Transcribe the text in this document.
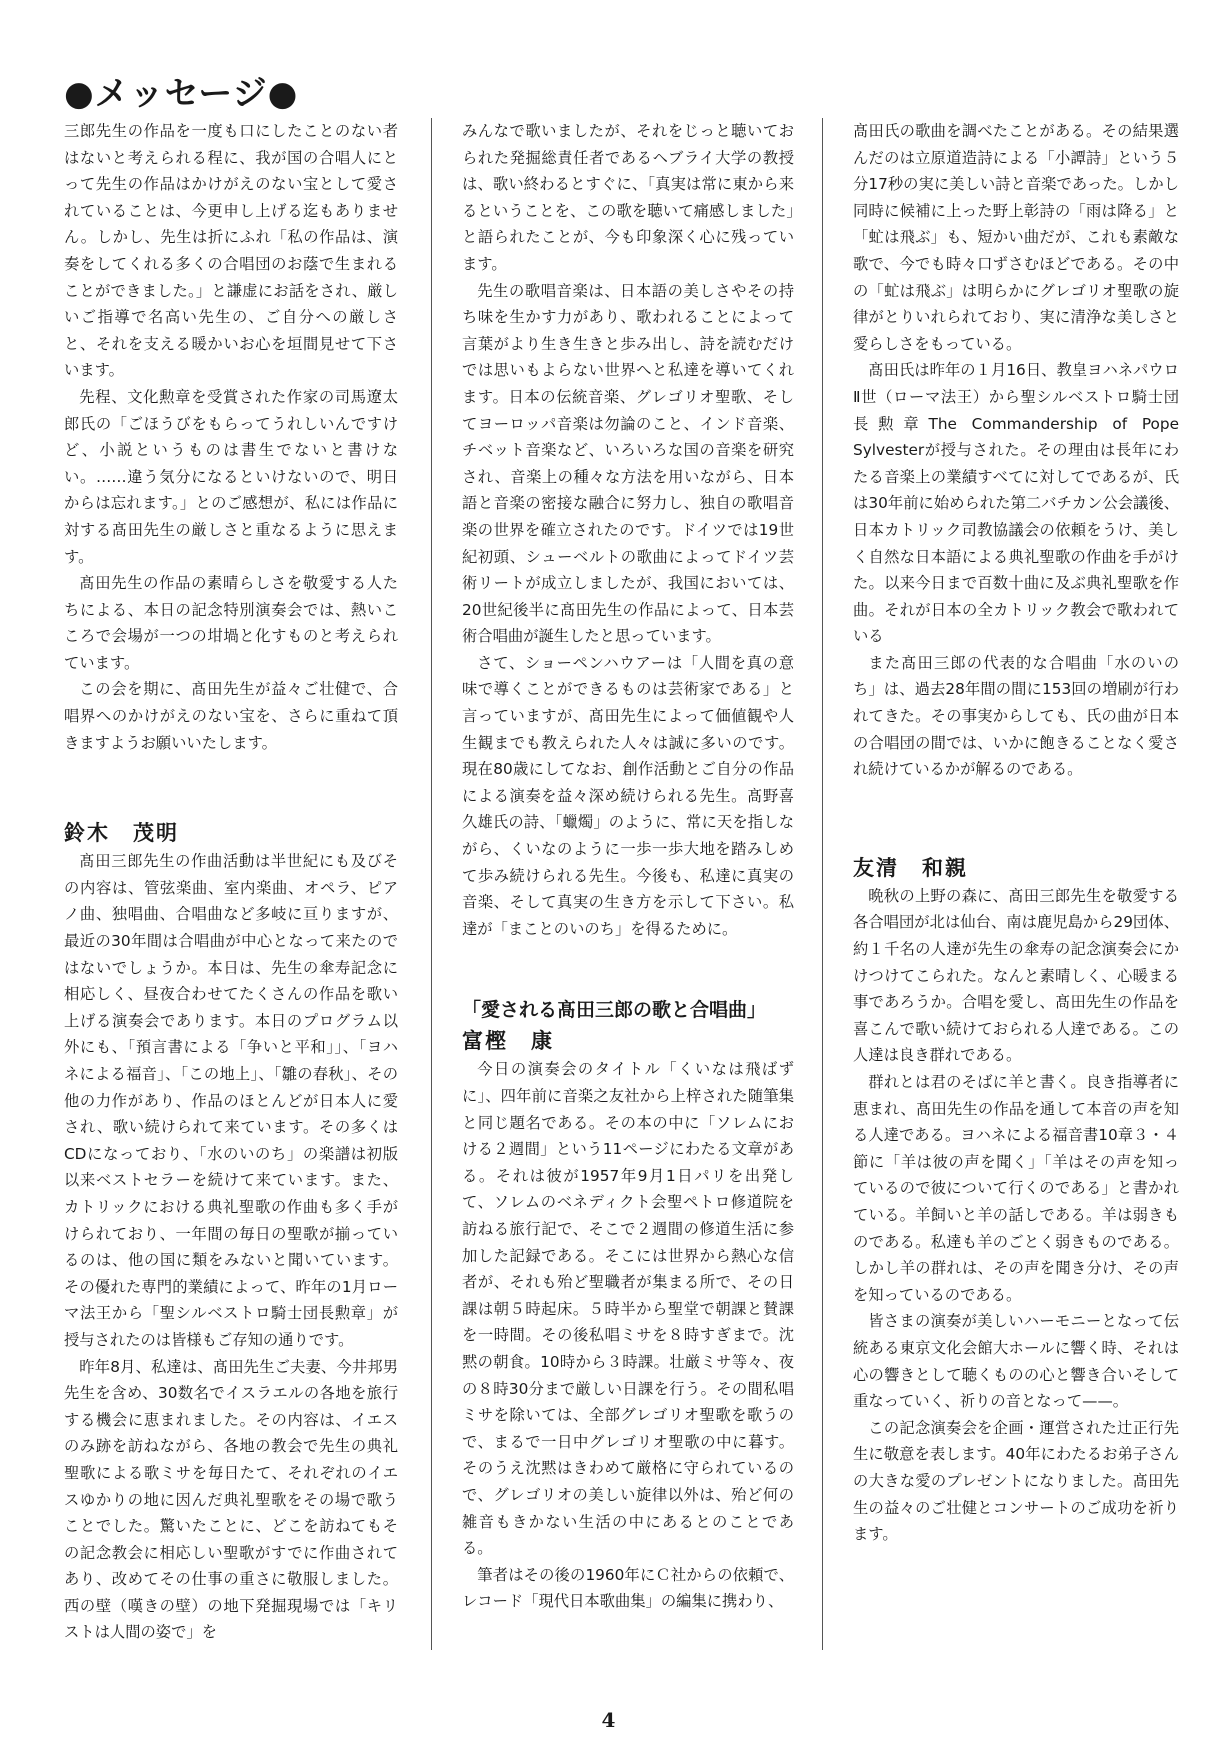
●メッセージ●

三郎先生の作品を一度も口にしたことのない者はないと考えられる程に、我が国の合唱人にとって先生の作品はかけがえのない宝として愛されていることは、今更申し上げる迄もありません。しかし、先生は折にふれ「私の作品は、演奏をしてくれる多くの合唱団のお蔭で生まれることができました。」と謙虚にお話をされ、厳しいご指導で名高い先生の、ご自分への厳しさと、それを支える暖かいお心を垣間見せて下さいます。

先程、文化勲章を受賞された作家の司馬遼太郎氏の「ごほうびをもらってうれしいんですけど、小説というものは書生でないと書けない。……違う気分になるといけないので、明日からは忘れます。」とのご感想が、私には作品に対する髙田先生の厳しさと重なるように思えます。

髙田先生の作品の素晴らしさを敬愛する人たちによる、本日の記念特別演奏会では、熱いこころで会場が一つの坩堝と化すものと考えられています。

この会を期に、髙田先生が益々ご壮健で、合唱界へのかけがえのない宝を、さらに重ねて頂きますようお願いいたします。

鈴木　茂明

髙田三郎先生の作曲活動は半世紀にも及びその内容は、管弦楽曲、室内楽曲、オペラ、ピアノ曲、独唱曲、合唱曲など多岐に亘りますが、最近の30年間は合唱曲が中心となって来たのではないでしょうか。本日は、先生の傘寿記念に相応しく、昼夜合わせてたくさんの作品を歌い上げる演奏会であります。本日のプログラム以外にも、「預言書による「争いと平和」」、「ヨハネによる福音」、「この地上」、「雛の春秋」、その他の力作があり、作品のほとんどが日本人に愛され、歌い続けられて来ています。その多くはCDになっており、「水のいのち」の楽譜は初版以来ベストセラーを続けて来ています。また、カトリックにおける典礼聖歌の作曲も多く手がけられており、一年間の毎日の聖歌が揃っているのは、他の国に類をみないと聞いています。その優れた専門的業績によって、昨年の1月ローマ法王から「聖シルベストロ騎士団長勲章」が授与されたのは皆様もご存知の通りです。

昨年8月、私達は、髙田先生ご夫妻、今井邦男先生を含め、30数名でイスラエルの各地を旅行する機会に恵まれました。その内容は、イエスのみ跡を訪ねながら、各地の教会で先生の典礼聖歌による歌ミサを毎日たて、それぞれのイエスゆかりの地に因んだ典礼聖歌をその場で歌うことでした。驚いたことに、どこを訪ねてもその記念教会に相応しい聖歌がすでに作曲されてあり、改めてその仕事の重さに敬服しました。西の壁（嘆きの壁）の地下発掘現場では「キリストは人間の姿で」を

みんなで歌いましたが、それをじっと聴いておられた発掘総責任者であるヘブライ大学の教授は、歌い終わるとすぐに、「真実は常に東から来るということを、この歌を聴いて痛感しました」と語られたことが、今も印象深く心に残っています。

先生の歌唱音楽は、日本語の美しさやその持ち味を生かす力があり、歌われることによって言葉がより生き生きと歩み出し、詩を読むだけでは思いもよらない世界へと私達を導いてくれます。日本の伝統音楽、グレゴリオ聖歌、そしてヨーロッパ音楽は勿論のこと、インド音楽、チベット音楽など、いろいろな国の音楽を研究され、音楽上の種々な方法を用いながら、日本語と音楽の密接な融合に努力し、独自の歌唱音楽の世界を確立されたのです。ドイツでは19世紀初頭、シューベルトの歌曲によってドイツ芸術リートが成立しましたが、我国においては、20世紀後半に髙田先生の作品によって、日本芸術合唱曲が誕生したと思っています。

さて、ショーペンハウアーは「人間を真の意味で導くことができるものは芸術家である」と言っていますが、髙田先生によって価値観や人生観までも教えられた人々は誠に多いのです。現在80歳にしてなお、創作活動とご自分の作品による演奏を益々深め続けられる先生。髙野喜久雄氏の詩、「蠟燭」のように、常に天を指しながら、くいなのように一歩一歩大地を踏みしめて歩み続けられる先生。今後も、私達に真実の音楽、そして真実の生き方を示して下さい。私達が「まことのいのち」を得るために。

「愛される髙田三郎の歌と合唱曲」
富樫　康

今日の演奏会のタイトル「くいなは飛ばずに」、四年前に音楽之友社から上梓された随筆集と同じ題名である。その本の中に「ソレムにおける２週間」という11ページにわたる文章がある。それは彼が1957年9月1日パリを出発して、ソレムのベネディクト会聖ペトロ修道院を訪ねる旅行記で、そこで２週間の修道生活に参加した記録である。そこには世界から熱心な信者が、それも殆ど聖職者が集まる所で、その日課は朝５時起床。５時半から聖堂で朝課と賛課を一時間。その後私唱ミサを８時すぎまで。沈黙の朝食。10時から３時課。壮厳ミサ等々、夜の８時30分まで厳しい日課を行う。その間私唱ミサを除いては、全部グレゴリオ聖歌を歌うので、まるで一日中グレゴリオ聖歌の中に暮す。そのうえ沈黙はきわめて厳格に守られているので、グレゴリオの美しい旋律以外は、殆ど何の雑音もきかない生活の中にあるとのことである。

筆者はその後の1960年にＣ社からの依頼で、レコード「現代日本歌曲集」の編集に携わり、

髙田氏の歌曲を調べたことがある。その結果選んだのは立原道造詩による「小譚詩」という５分17秒の実に美しい詩と音楽であった。しかし同時に候補に上った野上彰詩の「雨は降る」と「虻は飛ぶ」も、短かい曲だが、これも素敵な歌で、今でも時々口ずさむほどである。その中の「虻は飛ぶ」は明らかにグレゴリオ聖歌の旋律がとりいれられており、実に清浄な美しさと愛らしさをもっている。

髙田氏は昨年の１月16日、教皇ヨハネパウロⅡ世（ローマ法王）から聖シルベストロ騎士団長勲章The Commandership of Pope Sylvesterが授与された。その理由は長年にわたる音楽上の業績すべてに対してであるが、氏は30年前に始められた第二バチカン公会議後、日本カトリック司教協議会の依頼をうけ、美しく自然な日本語による典礼聖歌の作曲を手がけた。以来今日まで百数十曲に及ぶ典礼聖歌を作曲。それが日本の全カトリック教会で歌われている

また髙田三郎の代表的な合唱曲「水のいのち」は、過去28年間の間に153回の増刷が行われてきた。その事実からしても、氏の曲が日本の合唱団の間では、いかに飽きることなく愛され続けているかが解るのである。

友清　和親

晩秋の上野の森に、髙田三郎先生を敬愛する各合唱団が北は仙台、南は鹿児島から29団体、約１千名の人達が先生の傘寿の記念演奏会にかけつけてこられた。なんと素晴しく、心暖まる事であろうか。合唱を愛し、髙田先生の作品を喜こんで歌い続けておられる人達である。この人達は良き群れである。

群れとは君のそばに羊と書く。良き指導者に恵まれ、髙田先生の作品を通して本音の声を知る人達である。ヨハネによる福音書10章３・４節に「羊は彼の声を聞く」「羊はその声を知っているので彼について行くのである」と書かれている。羊飼いと羊の話しである。羊は弱きものである。私達も羊のごとく弱きものである。しかし羊の群れは、その声を聞き分け、その声を知っているのである。

皆さまの演奏が美しいハーモニーとなって伝統ある東京文化会館大ホールに響く時、それは心の響きとして聴くものの心と響き合いそして重なっていく、祈りの音となって——。

この記念演奏会を企画・運営された辻正行先生に敬意を表します。40年にわたるお弟子さんの大きな愛のプレゼントになりました。髙田先生の益々のご壮健とコンサートのご成功を祈ります。

4
